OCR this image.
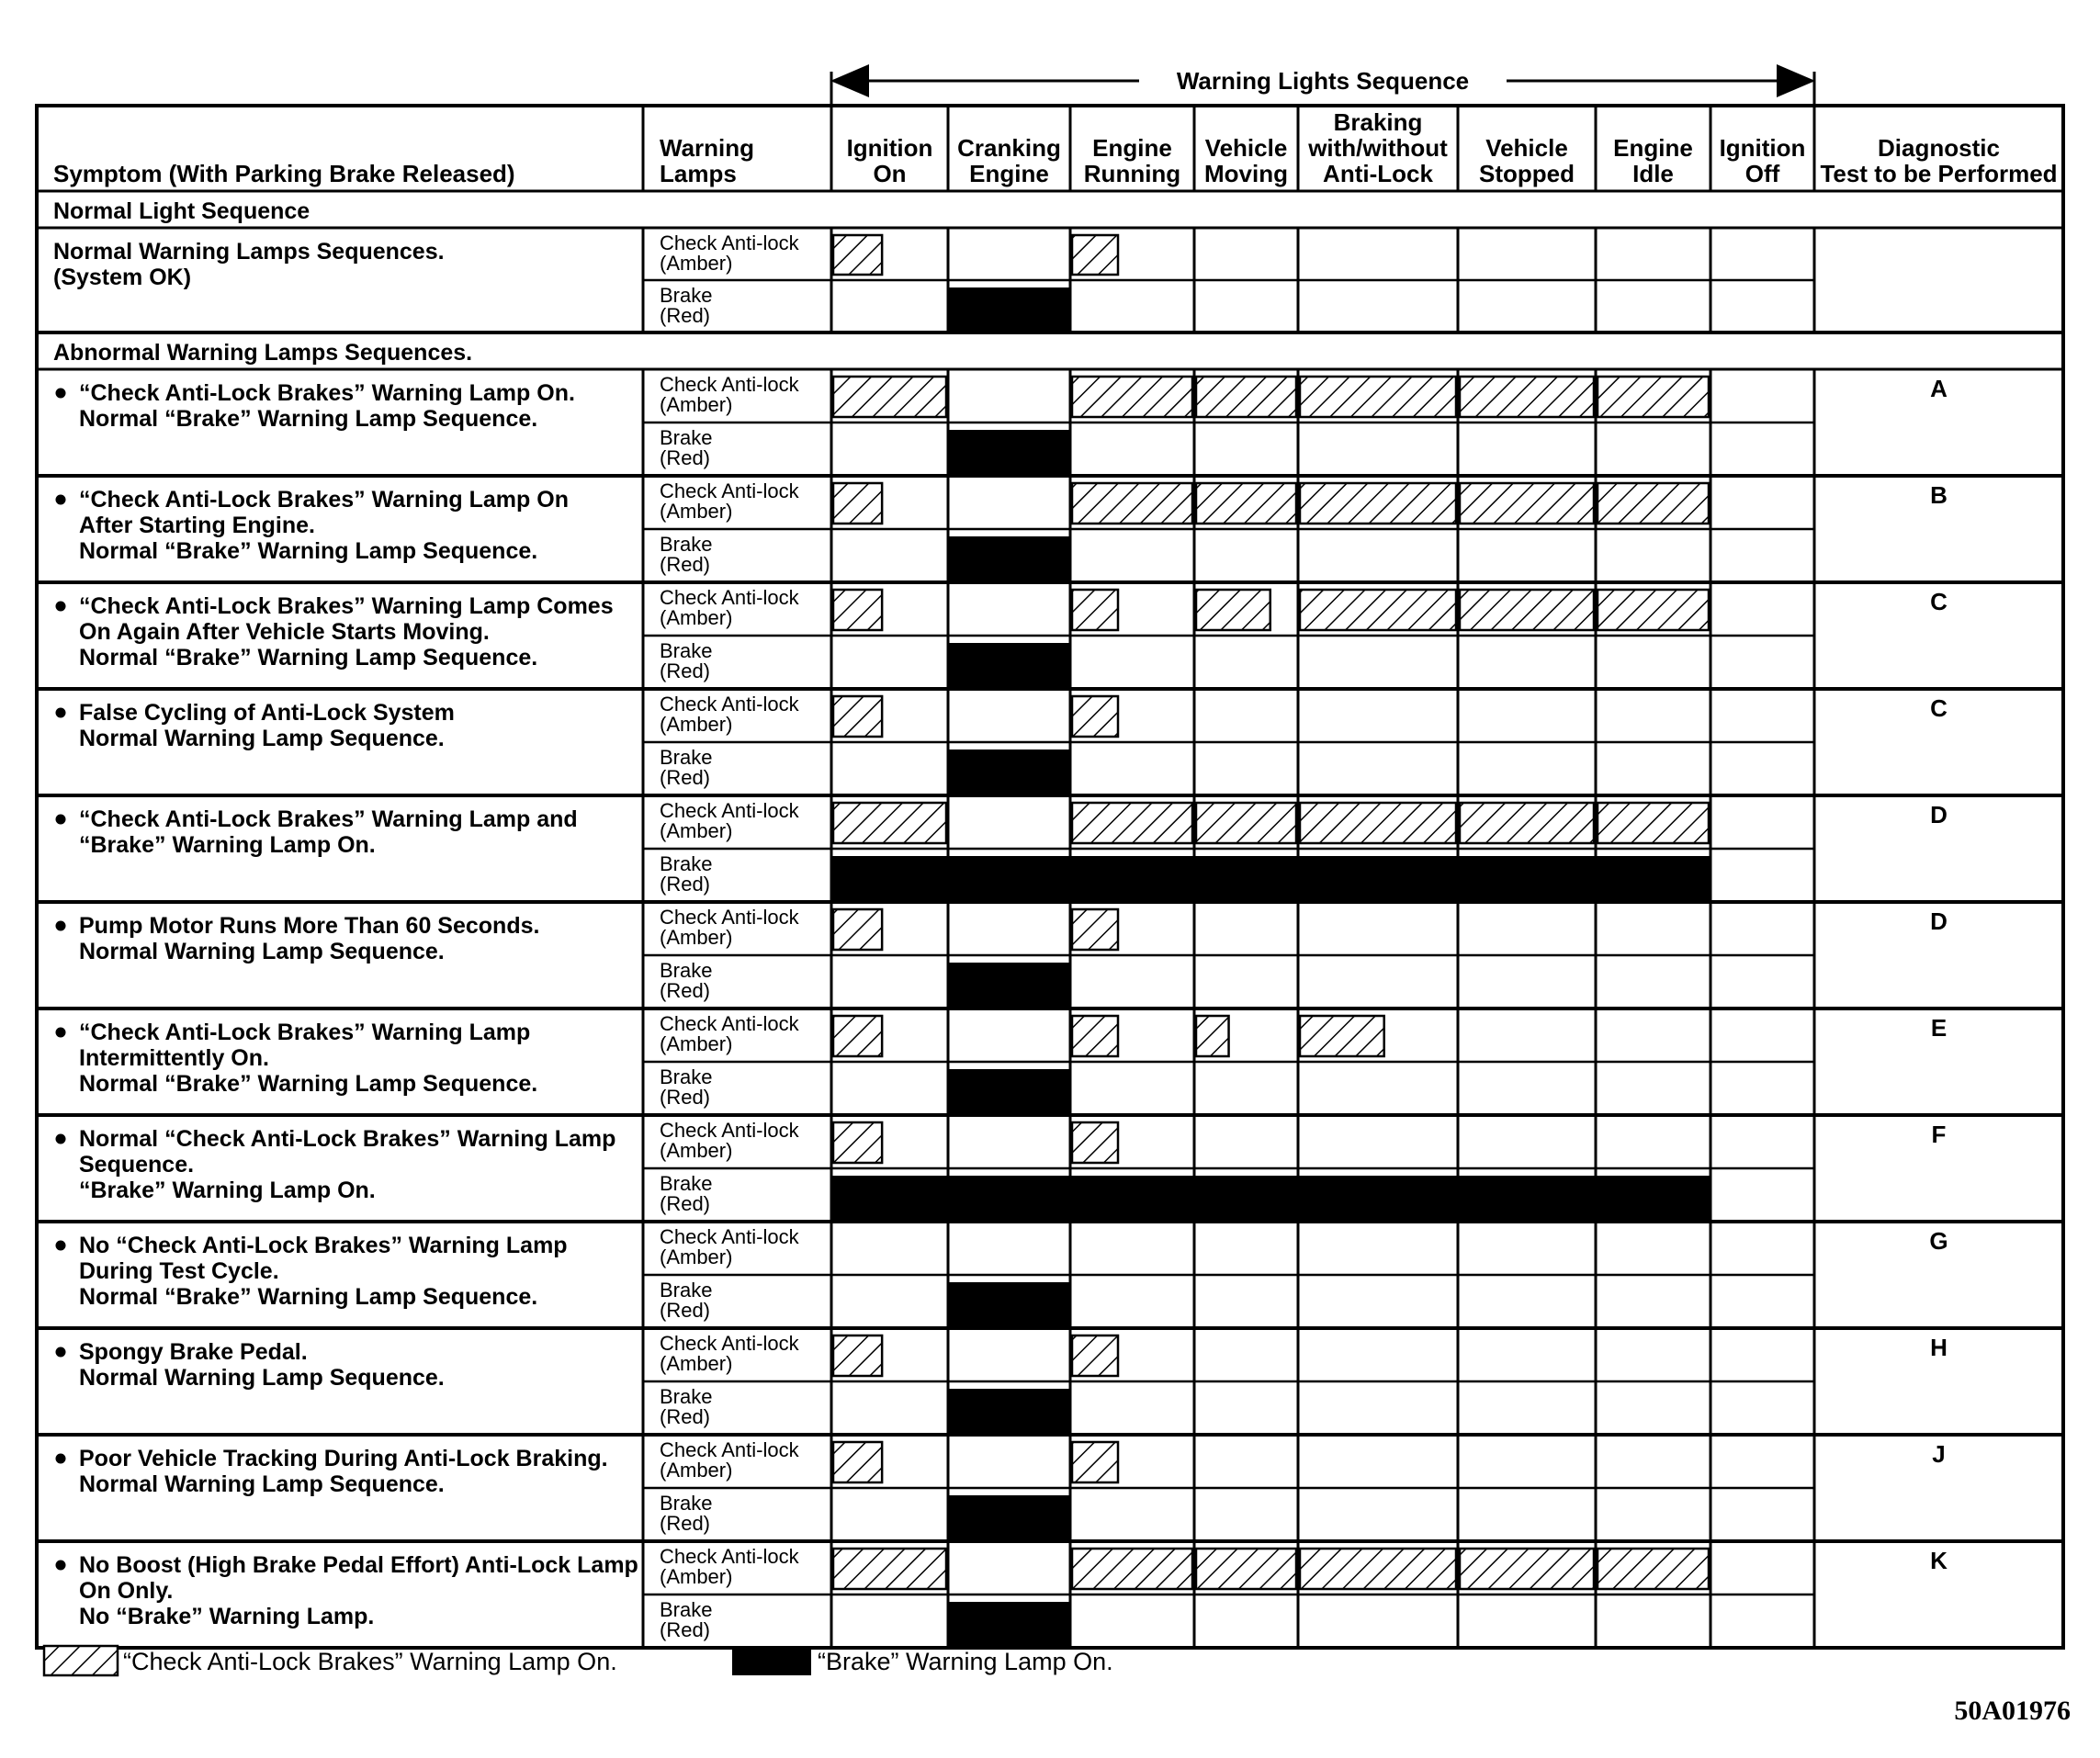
Warning Lights Sequence
Symptom (With Parking Brake Released)
Warning
Lamps
Ignition
On
Cranking
Engine
Engine
Running
Vehicle
Moving
Braking
with/without
Anti-Lock
Vehicle
Stopped
Engine
Idle
Ignition
Off
Diagnostic
Test to be Performed
Normal Light Sequence
Abnormal Warning Lamps Sequences.
Normal Warning Lamps Sequences.
(System OK)
Check Anti-lock
(Amber)
Brake
(Red)
“Check Anti-Lock Brakes” Warning Lamp On.
Normal “Brake” Warning Lamp Sequence.
Check Anti-lock
(Amber)
Brake
(Red)
A
“Check Anti-Lock Brakes” Warning Lamp On
After Starting Engine.
Normal “Brake” Warning Lamp Sequence.
Check Anti-lock
(Amber)
Brake
(Red)
B
“Check Anti-Lock Brakes” Warning Lamp Comes
On Again After Vehicle Starts Moving.
Normal “Brake” Warning Lamp Sequence.
Check Anti-lock
(Amber)
Brake
(Red)
C
False Cycling of Anti-Lock System
Normal Warning Lamp Sequence.
Check Anti-lock
(Amber)
Brake
(Red)
C
“Check Anti-Lock Brakes” Warning Lamp and
“Brake” Warning Lamp On.
Check Anti-lock
(Amber)
Brake
(Red)
D
Pump Motor Runs More Than 60 Seconds.
Normal Warning Lamp Sequence.
Check Anti-lock
(Amber)
Brake
(Red)
D
“Check Anti-Lock Brakes” Warning Lamp
Intermittently On.
Normal “Brake” Warning Lamp Sequence.
Check Anti-lock
(Amber)
Brake
(Red)
E
Normal “Check Anti-Lock Brakes” Warning Lamp
Sequence.
“Brake” Warning Lamp On.
Check Anti-lock
(Amber)
Brake
(Red)
F
No “Check Anti-Lock Brakes” Warning Lamp
During Test Cycle.
Normal “Brake” Warning Lamp Sequence.
Check Anti-lock
(Amber)
Brake
(Red)
G
Spongy Brake Pedal.
Normal Warning Lamp Sequence.
Check Anti-lock
(Amber)
Brake
(Red)
H
Poor Vehicle Tracking During Anti-Lock Braking.
Normal Warning Lamp Sequence.
Check Anti-lock
(Amber)
Brake
(Red)
J
No Boost (High Brake Pedal Effort) Anti-Lock Lamp
On Only.
No “Brake” Warning Lamp.
Check Anti-lock
(Amber)
Brake
(Red)
K
“Check Anti-Lock Brakes” Warning Lamp On.	“Brake” Warning Lamp On.
50A01976
